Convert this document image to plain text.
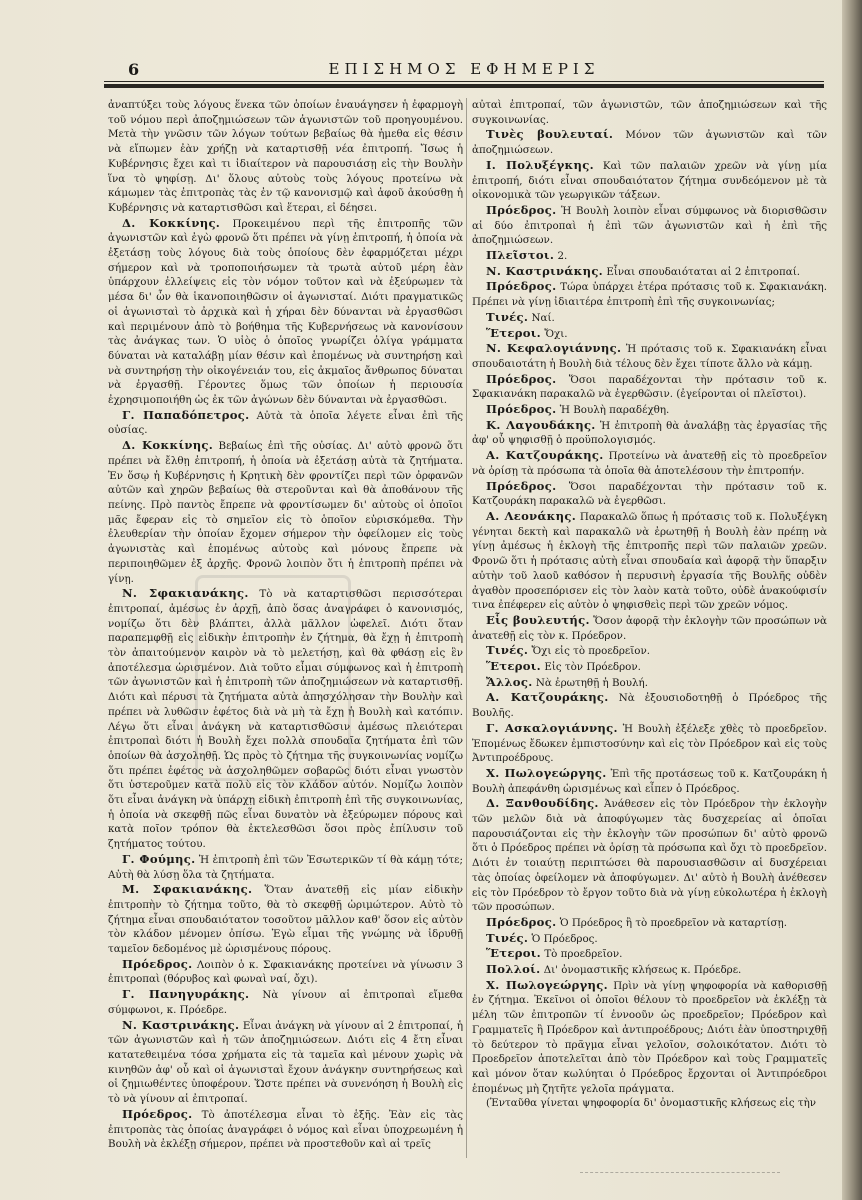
6	ΕΠΙΣΗΜΟΣ ΕΦΗΜΕΡΙΣ

ἀναπτύξει τοὺς λόγους ἕνεκα τῶν ὁποίων ἐναυάγησεν ἡ ἐφαρμογὴ τοῦ νόμου περὶ ἀποζημιώσεων τῶν ἀγωνιστῶν τοῦ προηγουμένου. Μετὰ τὴν γνῶσιν τῶν λόγων τούτων βεβαίως θὰ ἠμεθα εἰς θέσιν νὰ εἴπωμεν ἐὰν χρήζῃ νὰ καταρτισθῇ νέα ἐπιτροπή. Ἴσως ἡ Κυβέρνησις ἔχει καὶ τι ἰδιαίτερον νὰ παρουσιάσῃ εἰς τὴν Βουλὴν ἵνα τὸ ψηφίσῃ. Δι' ὅλους αὐτοὺς τοὺς λόγους προτείνω νὰ κάμωμεν τὰς ἐπιτροπὰς τὰς ἐν τῷ κανονισμῷ καὶ ἀφοῦ ἀκούσθῃ ἡ Κυβέρνησις νὰ καταρτισθῶσι καὶ ἕτεραι, εἰ δέησει.

Δ. Κοκκίνης. Προκειμένου περὶ τῆς ἐπιτροπῆς τῶν ἀγωνιστῶν καὶ ἐγὼ φρονῶ ὅτι πρέπει νὰ γίνῃ ἐπιτροπή, ἡ ὁποία νὰ ἐξετάσῃ τοὺς λόγους διὰ τοὺς ὁποίους δὲν ἐφαρμόζεται μέχρι σήμερον καὶ νὰ τροποποιήσωμεν τὰ τρωτὰ αὐτοῦ μέρη ἐὰν ὑπάρχουν ἐλλείψεις εἰς τὸν νόμον τοῦτον καὶ νὰ ἐξεύρωμεν τὰ μέσα δι' ὧν θὰ ἱκανοποιηθῶσιν οἱ ἀγωνισταί. Διότι πραγματικῶς οἱ ἀγωνισταὶ τὸ ἀρχικὰ καὶ ἡ χήραι δὲν δύνανται νὰ ἐργασθῶσι καὶ περιμένουν ἀπὸ τὸ βοήθημα τῆς Κυβερνήσεως νὰ κανονίσουν τὰς ἀνάγκας των. Ὁ υἱὸς ὁ ὁποῖος γνωρίζει ὀλίγα γράμματα δύναται νὰ καταλάβῃ μίαν θέσιν καὶ ἑπομένως νὰ συντηρήσῃ καὶ νὰ συντηρήσῃ τὴν οἰκογένειάν του, εἰς ἀκμαῖος ἄνθρωπος δύναται νὰ ἐργασθῇ. Γέροντες ὅμως τῶν ὁποίων ἡ περιουσία ἐχρησιμοποιήθη ὡς ἐκ τῶν ἀγώνων δὲν δύνανται νὰ ἐργασθῶσι.

Γ. Παπαδόπετρος. Αὐτὰ τὰ ὁποῖα λέγετε εἶναι ἐπὶ τῆς οὐσίας.

Δ. Κοκκίνης. Βεβαίως ἐπὶ τῆς οὐσίας. Δι' αὐτὸ φρονῶ ὅτι πρέπει νὰ ἔλθῃ ἐπιτροπή, ἡ ὁποία νὰ ἐξετάσῃ αὐτὰ τὰ ζητήματα. Ἐν ὅσῳ ἡ Κυβέρνησις ἡ Κρητικὴ δὲν φροντίζει περὶ τῶν ὀρφανῶν αὐτῶν καὶ χηρῶν βεβαίως θὰ στεροῦνται καὶ θὰ ἀποθάνουν τῆς πείνης. Πρὸ παντὸς ἔπρεπε νὰ φροντίσωμεν δι' αὐτοὺς οἱ ὁποῖοι μᾶς ἔφεραν εἰς τὸ σημεῖον εἰς τὸ ὁποῖον εὑρισκόμεθα. Τὴν ἐλευθερίαν τὴν ὁποίαν ἔχομεν σήμερον τὴν ὀφείλομεν εἰς τοὺς ἀγωνιστὰς καὶ ἑπομένως αὐτοὺς καὶ μόνους ἔπρεπε νὰ περιποιηθῶμεν ἐξ ἀρχῆς. Φρονῶ λοιπὸν ὅτι ἡ ἐπιτροπὴ πρέπει νὰ γίνῃ.

Ν. Σφακιανάκης. Τὸ νὰ καταρτισθῶσι περισσότεραι ἐπιτροπαί, ἀμέσως ἐν ἀρχῇ, ἀπὸ ὅσας ἀναγράφει ὁ κανονισμός, νομίζω ὅτι δὲν βλάπτει, ἀλλὰ μᾶλλον ὠφελεῖ. Διότι ὅταν παραπεμφθῇ εἰς εἰδικὴν ἐπιτροπὴν ἐν ζήτημα, θὰ ἔχῃ ἡ ἐπιτροπὴ τὸν ἀπαιτούμενον καιρὸν νὰ τὸ μελετήσῃ, καὶ θὰ φθάσῃ εἰς ἓν ἀποτέλεσμα ὡρισμένον. Διὰ τοῦτο εἶμαι σύμφωνος καὶ ἡ ἐπιτροπὴ τῶν ἀγωνιστῶν καὶ ἡ ἐπιτροπὴ τῶν ἀποζημιώσεων νὰ καταρτισθῇ. Διότι καὶ πέρυσι τὰ ζητήματα αὐτὰ ἀπησχόλησαν τὴν Βουλὴν καὶ πρέπει νὰ λυθῶσιν ἐφέτος διὰ νὰ μὴ τὰ ἔχῃ ἡ Βουλὴ καὶ κατόπιν. Λέγω ὅτι εἶναι ἀνάγκη νὰ καταρτισθῶσιν ἀμέσως πλειότεραι ἐπιτροπαὶ διότι ἡ Βουλὴ ἔχει πολλὰ σπουδαῖα ζητήματα ἐπὶ τῶν ὁποίων θὰ ἀσχοληθῇ. Ὡς πρὸς τὸ ζήτημα τῆς συγκοινωνίας νομίζω ὅτι πρέπει ἐφέτος νὰ ἀσχοληθῶμεν σοβαρῶς διότι εἶναι γνωστὸν ὅτι ὑστεροῦμεν κατὰ πολὺ εἰς τὸν κλάδον αὐτόν. Νομίζω λοιπὸν ὅτι εἶναι ἀνάγκη νὰ ὑπάρχῃ εἰδικὴ ἐπιτροπὴ ἐπὶ τῆς συγκοινωνίας, ἡ ὁποία νὰ σκεφθῇ πῶς εἶναι δυνατὸν νὰ ἐξεύρωμεν πόρους καὶ κατὰ ποῖον τρόπον θὰ ἐκτελεσθῶσι ὅσοι πρὸς ἐπίλυσιν τοῦ ζητήματος τούτου.

Γ. Φούμης. Ἡ ἐπιτροπὴ ἐπὶ τῶν Ἐσωτερικῶν τί θὰ κάμῃ τότε; Αὐτὴ θὰ λύσῃ ὅλα τὰ ζητήματα.

Μ. Σφακιανάκης. Ὅταν ἀνατεθῇ εἰς μίαν εἰδικὴν ἐπιτροπὴν τὸ ζήτημα τοῦτο, θὰ τὸ σκεφθῇ ὡριμώτερον. Αὐτὸ τὸ ζήτημα εἶναι σπουδαιότατον τοσοῦτον μᾶλλον καθ' ὅσον εἰς αὐτὸν τὸν κλάδον μένομεν ὀπίσω. Ἐγὼ εἶμαι τῆς γνώμης νὰ ἱδρυθῇ ταμεῖον δεδομένος μὲ ὡρισμένους πόρους.

Πρόεδρος. Λοιπὸν ὁ κ. Σφακιανάκης προτείνει νὰ γίνωσιν 3 ἐπιτροπαὶ (θόρυβος καὶ φωναὶ ναί, ὄχι).

Γ. Πανηγυράκης. Νὰ γίνουν αἱ ἐπιτροπαὶ εἴμεθα σύμφωνοι, κ. Πρόεδρε.

Ν. Καστρινάκης. Εἶναι ἀνάγκη νὰ γίνουν αἱ 2 ἐπιτροπαί, ἡ τῶν ἀγωνιστῶν καὶ ἡ τῶν ἀποζημιώσεων. Διότι εἰς 4 ἔτη εἶναι κατατεθειμένα τόσα χρήματα εἰς τὰ ταμεῖα καὶ μένουν χωρὶς νὰ κινηθῶν ἀφ' οὗ καὶ οἱ ἀγωνισταὶ ἔχουν ἀνάγκην συντηρήσεως καὶ οἱ ζημιωθέντες ὑποφέρουν. Ὥστε πρέπει νὰ συνενόηση ἡ Βουλὴ εἰς τὸ νὰ γίνουν αἱ ἐπιτροπαί.

Πρόεδρος. Τὸ ἀποτέλεσμα εἶναι τὸ ἑξῆς. Ἐὰν εἰς τὰς ἐπιτροπὰς τὰς ὁποίας ἀναγράφει ὁ νόμος καὶ εἶναι ὑποχρεωμένη ἡ Βουλὴ νὰ ἐκλέξῃ σήμερον, πρέπει νὰ προστεθοῦν καὶ αἱ τρεῖς

αὐταὶ ἐπιτροπαί, τῶν ἀγωνιστῶν, τῶν ἀποζημιώσεων καὶ τῆς συγκοινωνίας.

Τινὲς βουλευταί. Μόνον τῶν ἀγωνιστῶν καὶ τῶν ἀποζημιώσεων.

Ι. Πολυξέγκης. Καὶ τῶν παλαιῶν χρεῶν νὰ γίνῃ μία ἐπιτροπή, διότι εἶναι σπουδαιότατον ζήτημα συνδεόμενον μὲ τὰ οἰκονομικὰ τῶν γεωργικῶν τάξεων.

Πρόεδρος. Ἡ Βουλὴ λοιπὸν εἶναι σύμφωνος νὰ διορισθῶσιν αἱ δύο ἐπιτροπαὶ ἡ ἐπὶ τῶν ἀγωνιστῶν καὶ ἡ ἐπὶ τῆς ἀποζημιώσεων.

Πλεῖστοι. 2.

Ν. Καστρινάκης. Εἶναι σπουδαιόταται αἱ 2 ἐπιτροπαί.

Πρόεδρος. Τώρα ὑπάρχει ἑτέρα πρότασις τοῦ κ. Σφακιανάκη. Πρέπει νὰ γίνῃ ἰδιαιτέρα ἐπιτροπὴ ἐπὶ τῆς συγκοινωνίας;

Τινές. Ναί.

Ἕτεροι. Ὄχι.

Ν. Κεφαλογιάννης. Ἡ πρότασις τοῦ κ. Σφακιανάκη εἶναι σπουδαιοτάτη ἡ Βουλὴ διὰ τέλους δὲν ἔχει τίποτε ἄλλο νὰ κάμῃ.

Πρόεδρος. Ὅσοι παραδέχονται τὴν πρότασιν τοῦ κ. Σφακιανάκη παρακαλῶ νὰ ἐγερθῶσιν. (ἐγείρονται οἱ πλεῖστοι).

Πρόεδρος. Ἡ Βουλὴ παραδέχθη.

Κ. Λαγουδάκης. Ἡ ἐπιτροπὴ θὰ ἀναλάβῃ τὰς ἐργασίας τῆς ἀφ' οὗ ψηφισθῇ ὁ προϋπολογισμός.

Α. Κατζουράκης. Προτείνω νὰ ἀνατεθῇ εἰς τὸ προεδρεῖον νὰ ὁρίσῃ τὰ πρόσωπα τὰ ὁποῖα θὰ ἀποτελέσουν τὴν ἐπιτροπήν.

Πρόεδρος. Ὅσοι παραδέχονται τὴν πρότασιν τοῦ κ. Κατζουράκη παρακαλῶ νὰ ἐγερθῶσι.

Α. Λεονάκης. Παρακαλῶ ὅπως ἡ πρότασις τοῦ κ. Πολυξέγκη γένηται δεκτὴ καὶ παρακαλῶ νὰ ἐρωτηθῇ ἡ Βουλὴ ἐὰν πρέπῃ νὰ γίνῃ ἀμέσως ἡ ἐκλογὴ τῆς ἐπιτροπῆς περὶ τῶν παλαιῶν χρεῶν. Φρονῶ ὅτι ἡ πρότασις αὐτὴ εἶναι σπουδαία καὶ ἀφορᾷ τὴν ὕπαρξιν αὐτὴν τοῦ λαοῦ καθόσον ἡ περυσινὴ ἐργασία τῆς Βουλῆς οὐδὲν ἀγαθὸν προσεπόρισεν εἰς τὸν λαὸν κατὰ τοῦτο, οὐδὲ ἀνακούφισίν τινα ἐπέφερεν εἰς αὐτὸν ὁ ψηφισθεὶς περὶ τῶν χρεῶν νόμος.

Εἷς βουλευτής. Ὅσον ἀφορᾷ τὴν ἐκλογὴν τῶν προσώπων νὰ ἀνατεθῇ εἰς τὸν κ. Πρόεδρον.

Τινές. Ὄχι εἰς τὸ προεδρεῖον.

Ἕτεροι. Εἰς τὸν Πρόεδρον.

Ἄλλος. Νὰ ἐρωτηθῇ ἡ Βουλή.

Α. Κατζουράκης. Νὰ ἐξουσιοδοτηθῇ ὁ Πρόεδρος τῆς Βουλῆς.

Γ. Ασκαλογιάννης. Ἡ Βουλὴ ἐξέλεξε χθὲς τὸ προεδρεῖον. Ἐπομένως ἔδωκεν ἐμπιστοσύνην καὶ εἰς τὸν Πρόεδρον καὶ εἰς τοὺς Ἀντιπροέδρους.

Χ. Πωλογεώργης. Ἐπὶ τῆς προτάσεως τοῦ κ. Κατζουράκη ἡ Βουλὴ ἀπεφάνθη ὡρισμένως καὶ εἶπεν ὁ Πρόεδρος.

Δ. Ξανθουδίδης. Ἀνάθεσεν εἰς τὸν Πρόεδρον τὴν ἐκλογὴν τῶν μελῶν διὰ νὰ ἀποφύγωμεν τὰς δυσχερείας αἱ ὁποῖαι παρουσιάζονται εἰς τὴν ἐκλογὴν τῶν προσώπων δι' αὐτὸ φρονῶ ὅτι ὁ Πρόεδρος πρέπει νὰ ὁρίσῃ τὰ πρόσωπα καὶ ὄχι τὸ προεδρεῖον. Διότι ἐν τοιαύτῃ περιπτώσει θὰ παρουσιασθῶσιν αἱ δυσχέρειαι τὰς ὁποίας ὀφείλομεν νὰ ἀποφύγωμεν. Δι' αὐτὸ ἡ Βουλὴ ἀνέθεσεν εἰς τὸν Πρόεδρον τὸ ἔργον τοῦτο διὰ νὰ γίνῃ εὐκολωτέρα ἡ ἐκλογὴ τῶν προσώπων.

Πρόεδρος. Ὁ Πρόεδρος ἢ τὸ προεδρεῖον νὰ καταρτίσῃ.

Τινές. Ὁ Πρόεδρος.

Ἕτεροι. Τὸ προεδρεῖον.

Πολλοί. Δι' ὀνομαστικῆς κλήσεως κ. Πρόεδρε.

Χ. Πωλογεώργης. Πρὶν νὰ γίνῃ ψηφοφορία νὰ καθορισθῇ ἐν ζήτημα. Ἐκεῖνοι οἱ ὁποῖοι θέλουν τὸ προεδρεῖον νὰ ἐκλέξῃ τὰ μέλη τῶν ἐπιτροπῶν τί ἐννοοῦν ὡς προεδρεῖον; Πρόεδρον καὶ Γραμματεῖς ἢ Πρόεδρον καὶ ἀντιπροέδρους; Διότι ἐὰν ὑποστηριχθῇ τὸ δεύτερον τὸ πρᾶγμα εἶναι γελοῖον, σολοικότατον. Διότι τὸ Προεδρεῖον ἀποτελεῖται ἀπὸ τὸν Πρόεδρον καὶ τοὺς Γραμματεῖς καὶ μόνον ὅταν κωλύηται ὁ Πρόεδρος ἔρχονται οἱ Ἀντιπρόεδροι ἑπομένως μὴ ζητῆτε γελοῖα πράγματα.

(Ἐνταῦθα γίνεται ψηφοφορία δι' ὀνομαστικῆς κλήσεως εἰς τὴν
